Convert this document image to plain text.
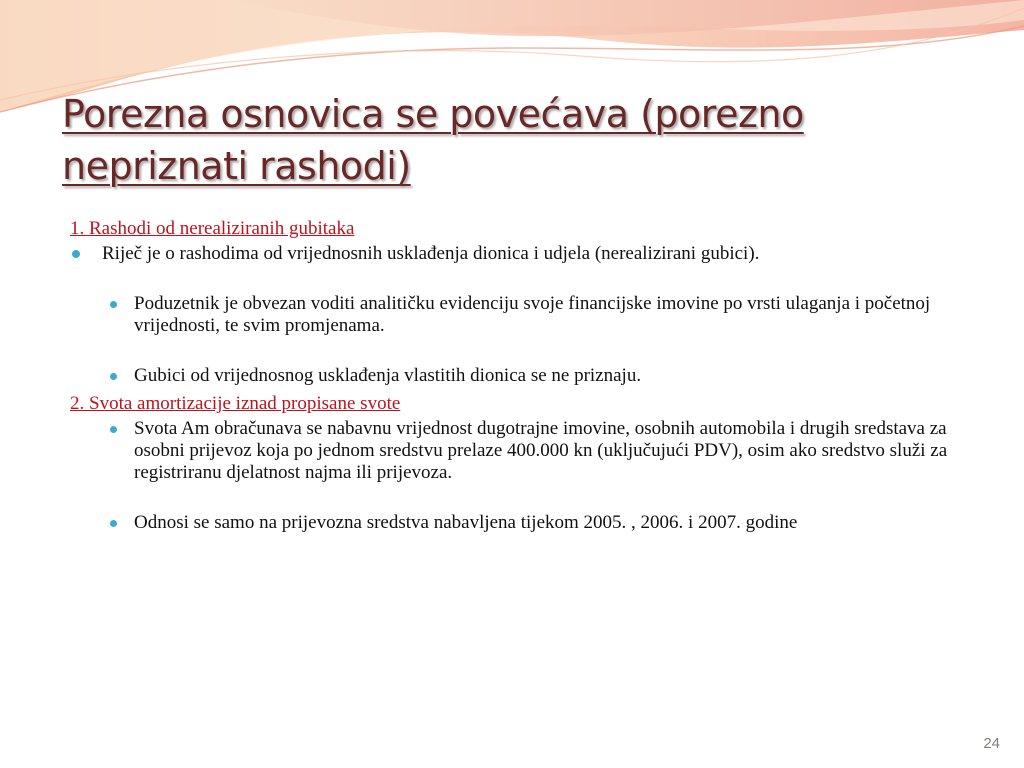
Porezna osnovica se povećava (porezno
nepriznati rashodi)
1. Rashodi od nerealiziranih gubitaka
Riječ je o rashodima od vrijednosnih usklađenja dionica i udjela (nerealizirani gubici).
Poduzetnik je obvezan voditi analitičku evidenciju svoje financijske imovine po vrsti ulaganja i početnoj vrijednosti, te svim promjenama.
Gubici od vrijednosnog usklađenja vlastitih dionica se ne priznaju.
2. Svota amortizacije iznad propisane svote
Svota Am obračunava se nabavnu vrijednost dugotrajne imovine, osobnih automobila i drugih sredstava za osobni prijevoz koja po jednom sredstvu prelaze 400.000 kn (uključujući PDV), osim ako sredstvo služi za registriranu djelatnost najma ili prijevoza.
Odnosi se samo na prijevozna sredstva nabavljena tijekom 2005. , 2006. i 2007. godine
24
